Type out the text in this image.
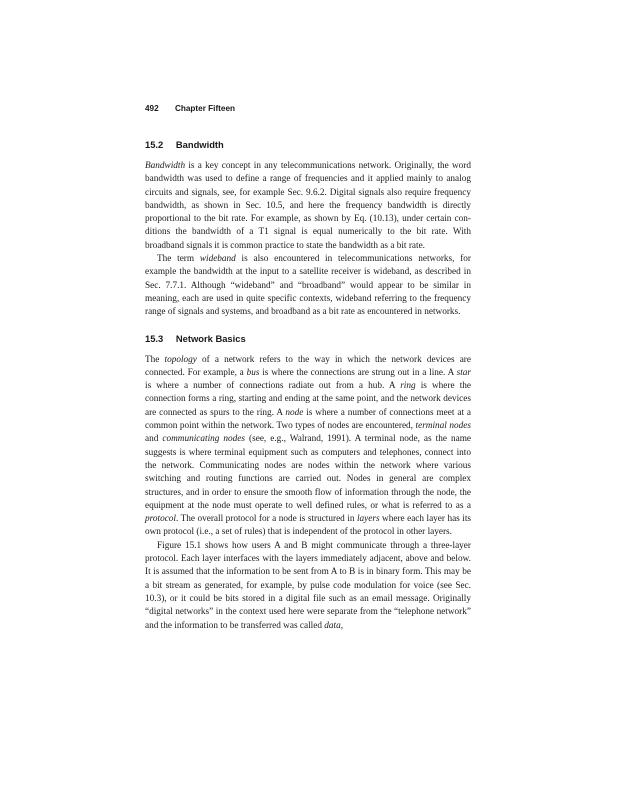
492 Chapter Fifteen
15.2 Bandwidth

Bandwidth is a key concept in any telecommunications network. Originally, the word bandwidth was used to define a range of frequencies and it applied mainly to analog circuits and signals, see, for example Sec. 9.6.2. Digital signals also require frequency bandwidth, as shown in Sec. 10.5, and here the frequency bandwidth is directly proportional to the bit rate. For example, as shown by Eq. (10.13), under certain conditions the bandwidth of a T1 signal is equal numerically to the bit rate. With broadband signals it is common practice to state the bandwidth as a bit rate.

The term wideband is also encountered in telecommunications networks, for example the bandwidth at the input to a satellite receiver is wideband, as described in Sec. 7.7.1. Although “wideband” and “broadband” would appear to be similar in meaning, each are used in quite specific contexts, wideband referring to the frequency range of signals and systems, and broadband as a bit rate as encountered in networks.

15.3 Network Basics

The topology of a network refers to the way in which the network devices are connected. For example, a bus is where the connections are strung out in a line. A star is where a number of connections radiate out from a hub. A ring is where the connection forms a ring, starting and ending at the same point, and the network devices are connected as spurs to the ring. A node is where a number of connections meet at a common point within the network. Two types of nodes are encountered, terminal nodes and communicating nodes (see, e.g., Walrand, 1991). A terminal node, as the name suggests is where terminal equipment such as computers and telephones, connect into the network. Communicating nodes are nodes within the network where various switching and routing functions are carried out. Nodes in general are complex structures, and in order to ensure the smooth flow of information through the node, the equipment at the node must operate to well defined rules, or what is referred to as a protocol. The overall protocol for a node is structured in layers where each layer has its own protocol (i.e., a set of rules) that is independent of the protocol in other layers.

Figure 15.1 shows how users A and B might communicate through a three-layer protocol. Each layer interfaces with the layers immediately adjacent, above and below. It is assumed that the information to be sent from A to B is in binary form. This may be a bit stream as generated, for example, by pulse code modulation for voice (see Sec. 10.3), or it could be bits stored in a digital file such as an email message. Originally “digital networks” in the context used here were separate from the “telephone network” and the information to be transferred was called data,
